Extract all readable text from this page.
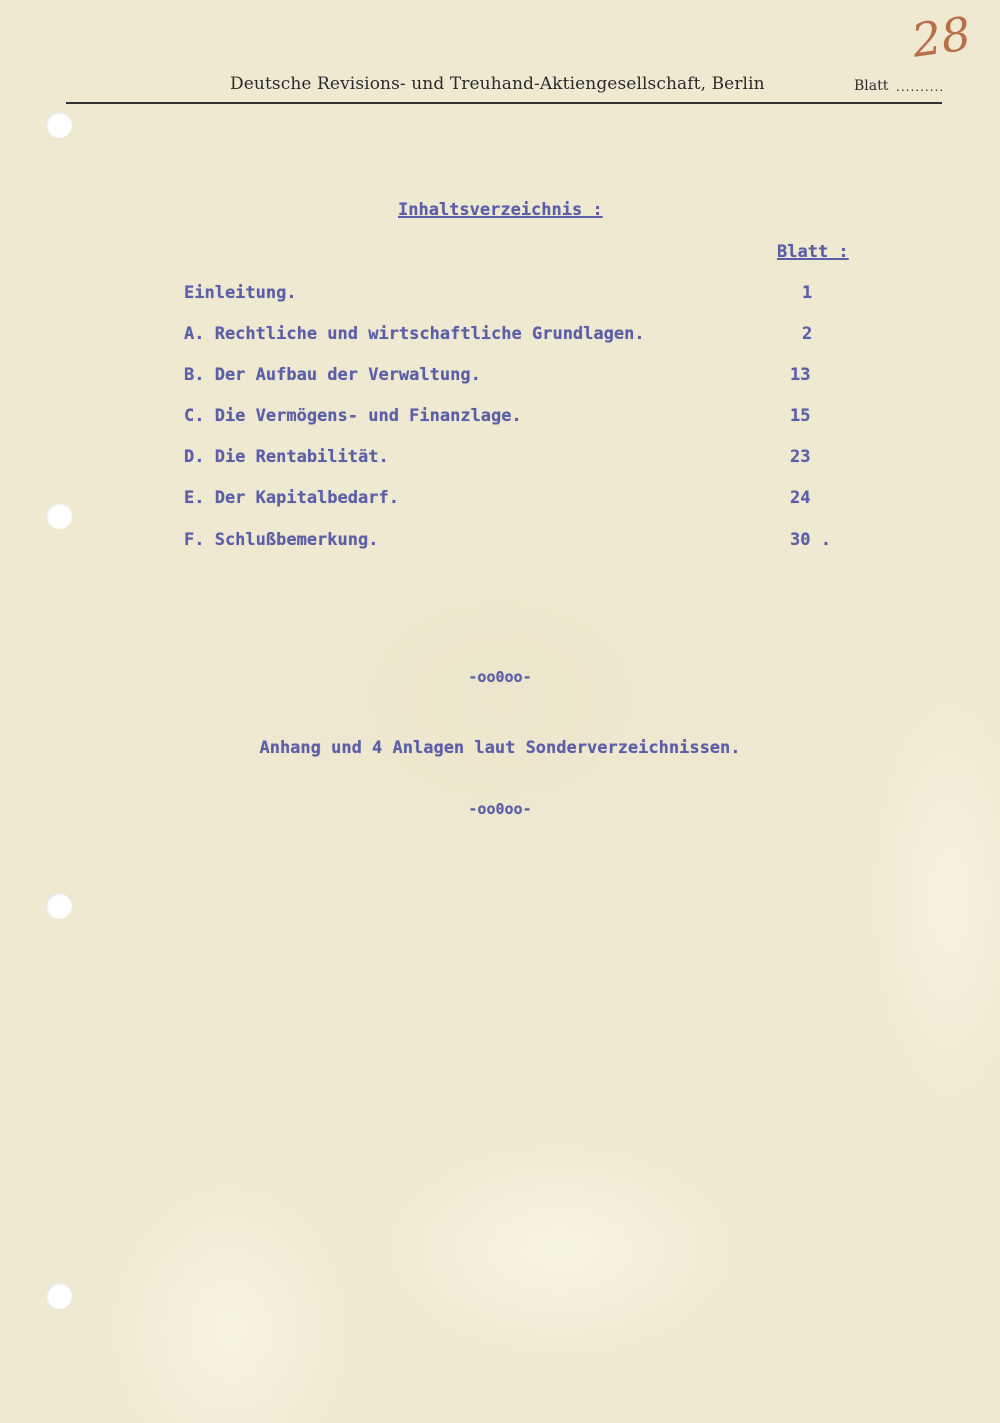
Deutsche Revisions- und Treuhand-Aktiengesellschaft, Berlin	Blatt ..........
28
Inhaltsverzeichnis :
Blatt :
Einleitung.	1
A. Rechtliche und wirtschaftliche Grundlagen.	2
B. Der Aufbau der Verwaltung.	13
C. Die Vermögens- und Finanzlage.	15
D. Die Rentabilität.	23
E. Der Kapitalbedarf.	24
F. Schlußbemerkung.	30 .
-oo0oo-
Anhang und 4 Anlagen laut Sonderverzeichnissen.
-oo0oo-
